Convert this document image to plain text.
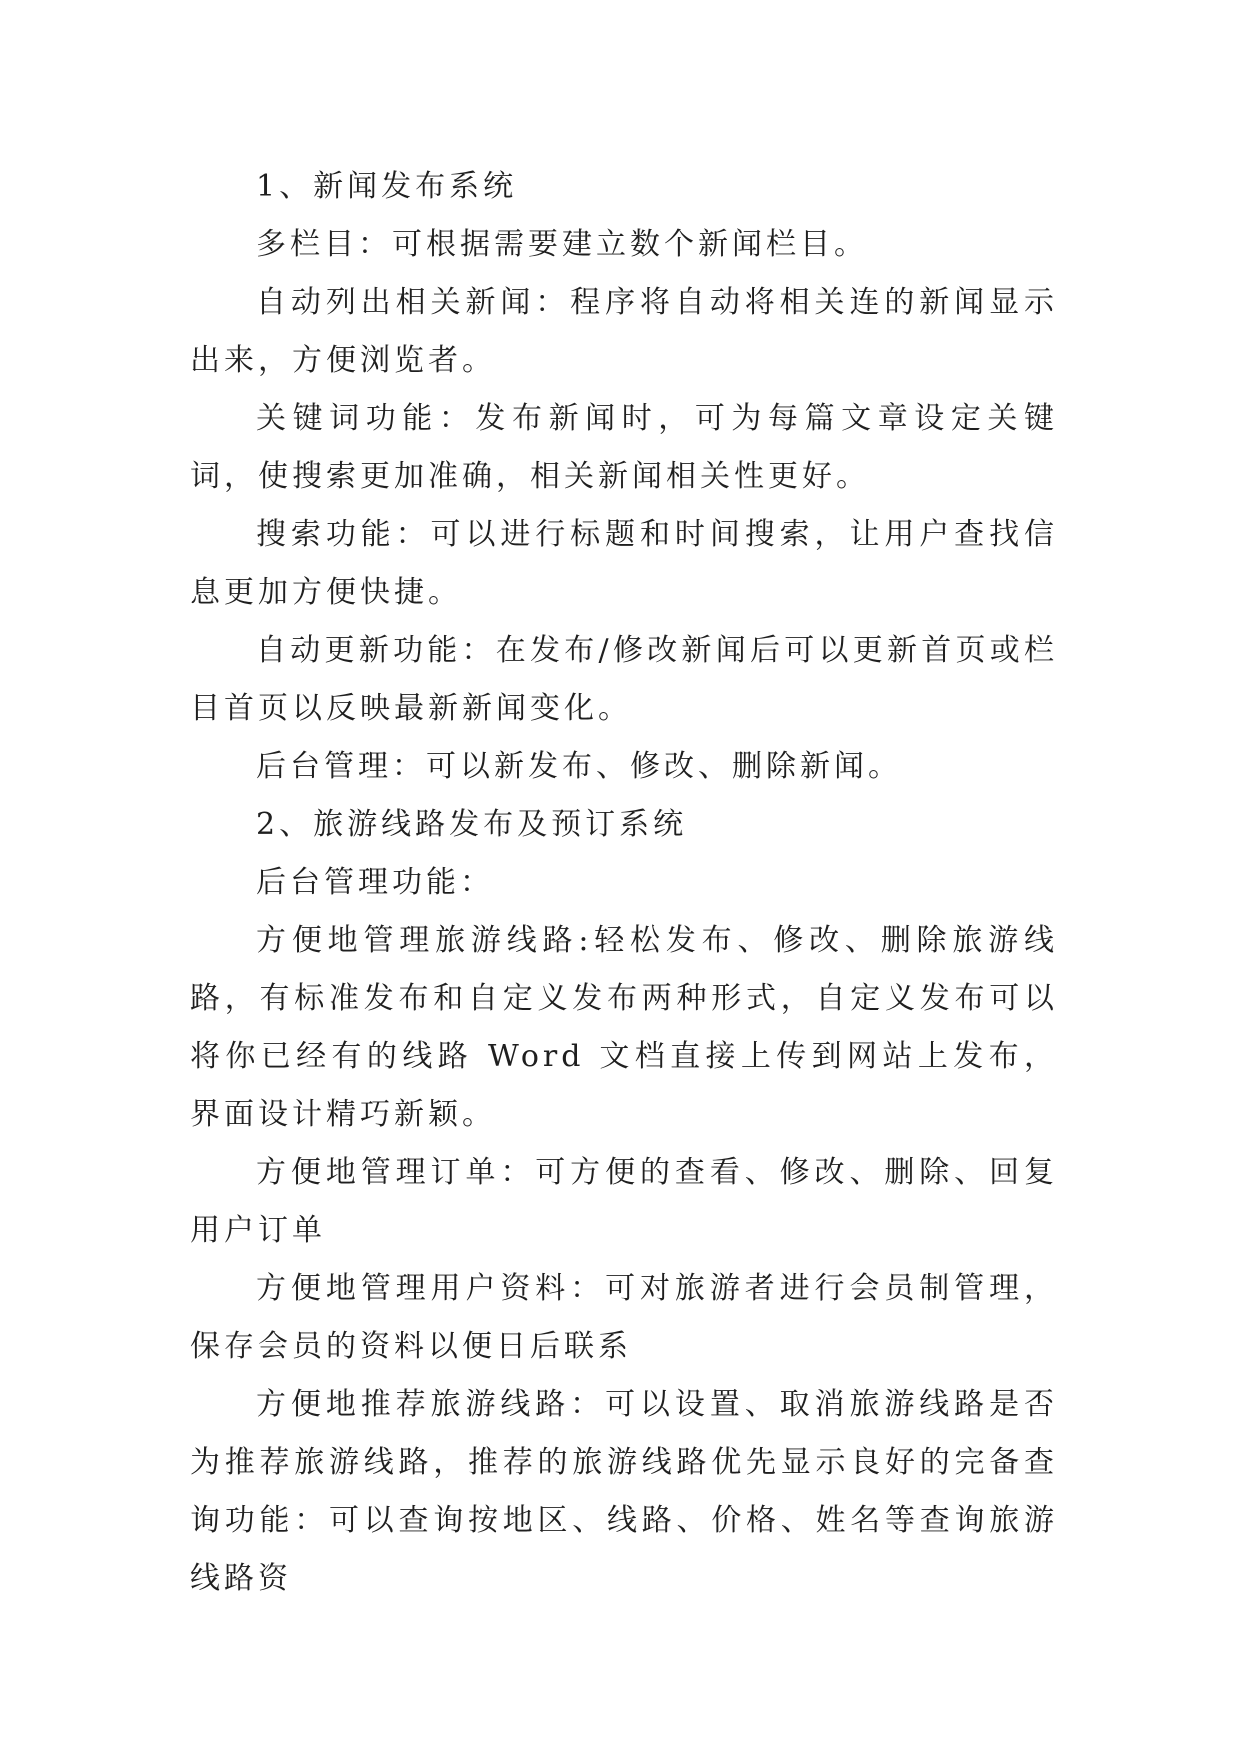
1、新闻发布系统

多栏目：可根据需要建立数个新闻栏目。

自动列出相关新闻：程序将自动将相关连的新闻显示出来，方便浏览者。

关键词功能：发布新闻时，可为每篇文章设定关键词，使搜索更加准确，相关新闻相关性更好。

搜索功能：可以进行标题和时间搜索，让用户查找信息更加方便快捷。

自动更新功能：在发布/修改新闻后可以更新首页或栏目首页以反映最新新闻变化。

后台管理：可以新发布、修改、删除新闻。

2、旅游线路发布及预订系统

后台管理功能：

方便地管理旅游线路:轻松发布、修改、删除旅游线路，有标准发布和自定义发布两种形式，自定义发布可以将你已经有的线路 Word 文档直接上传到网站上发布，界面设计精巧新颖。

方便地管理订单：可方便的查看、修改、删除、回复用户订单

方便地管理用户资料：可对旅游者进行会员制管理，保存会员的资料以便日后联系

方便地推荐旅游线路：可以设置、取消旅游线路是否为推荐旅游线路，推荐的旅游线路优先显示良好的完备查询功能：可以查询按地区、线路、价格、姓名等查询旅游线路资
